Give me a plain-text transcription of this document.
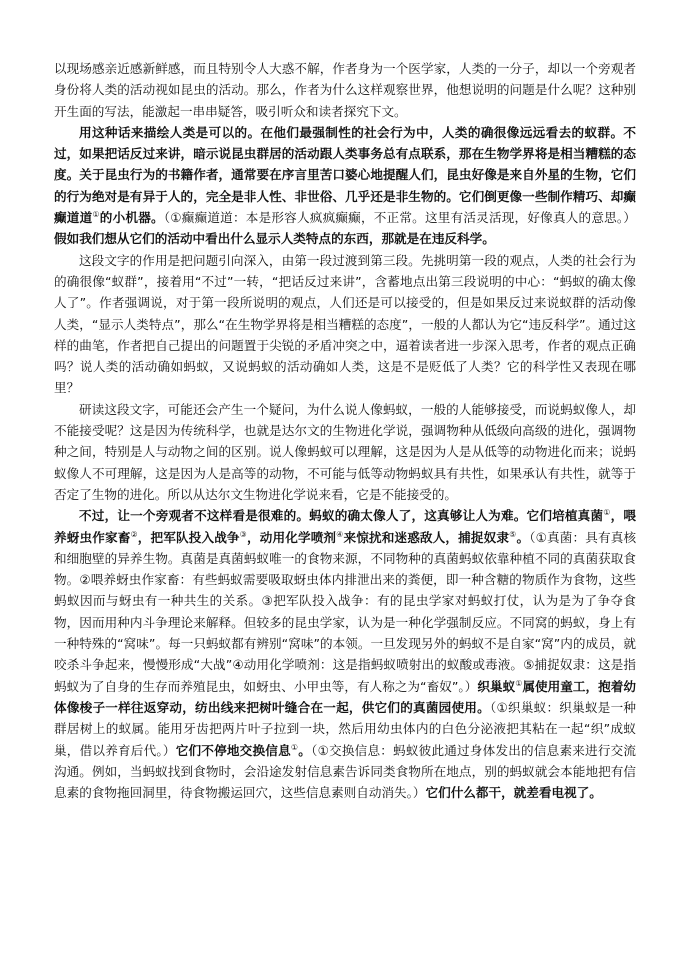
以现场感亲近感新鲜感，而且特别令人大惑不解，作者身为一个医学家，人类的一分子，却以一个旁观者身份将人类的活动视如昆虫的活动。那么，作者为什么这样观察世界，他想说明的问题是什么呢？这种别开生面的写法，能激起一串串疑答，吸引听众和读者探究下文。

用这种话来描绘人类是可以的。在他们最强制性的社会行为中，人类的确很像远远看去的蚁群。不过，如果把话反过来讲，暗示说昆虫群居的活动跟人类事务总有点联系，那在生物学界将是相当糟糕的态度。关于昆虫行为的书籍作者，通常要在序言里苦口婆心地提醒人们，昆虫好像是来自外星的生物，它们的行为绝对是有异于人的，完全是非人性、非世俗、几乎还是非生物的。它们倒更像一些制作精巧、却癫癫道道①的小机器。（①癫癫道道：本是形容人疯疯癫癫，不正常。这里有活灵活现，好像真人的意思。）假如我们想从它们的活动中看出什么显示人类特点的东西，那就是在违反科学。

这段文字的作用是把问题引向深入，由第一段过渡到第三段。先挑明第一段的观点，人类的社会行为的确很像“蚁群”，接着用“不过”一转，“把话反过来讲”，含蓄地点出第三段说明的中心：“蚂蚁的确太像人了”。作者强调说，对于第一段所说明的观点，人们还是可以接受的，但是如果反过来说蚁群的活动像人类，“显示人类特点”，那么“在生物学界将是相当糟糕的态度”，一般的人都认为它“违反科学”。通过这样的曲笔，作者把自己提出的问题置于尖锐的矛盾冲突之中，逼着读者进一步深入思考，作者的观点正确吗？说人类的活动确如蚂蚁，又说蚂蚁的活动确如人类，这是不是贬低了人类？它的科学性又表现在哪里？

研读这段文字，可能还会产生一个疑问，为什么说人像蚂蚁，一般的人能够接受，而说蚂蚁像人，却不能接受呢？这是因为传统科学，也就是达尔文的生物进化学说，强调物种从低级向高级的进化，强调物种之间，特别是人与动物之间的区别。说人像蚂蚁可以理解，这是因为人是从低等的动物进化而来；说蚂蚁像人不可理解，这是因为人是高等的动物，不可能与低等动物蚂蚁具有共性，如果承认有共性，就等于否定了生物的进化。所以从达尔文生物进化学说来看，它是不能接受的。

不过，让一个旁观者不这样看是很难的。蚂蚁的确太像人了，这真够让人为难。它们培植真菌①，喂养蚜虫作家畜②，把军队投入战争③，动用化学喷剂④来惊扰和迷惑敌人，捕捉奴隶⑤。（①真菌：具有真核和细胞壁的异养生物。真菌是真菌蚂蚁唯一的食物来源，不同物种的真菌蚂蚁依靠种植不同的真菌获取食物。②喂养蚜虫作家畜：有些蚂蚁需要吸取蚜虫体内排泄出来的粪便，即一种含糖的物质作为食物，这些蚂蚁因而与蚜虫有一种共生的关系。③把军队投入战争：有的昆虫学家对蚂蚁打仗，认为是为了争夺食物，因而用种内斗争理论来解释。但较多的昆虫学家，认为是一种化学强制反应。不同窝的蚂蚁，身上有一种特殊的“窝味”。每一只蚂蚁都有辨别“窝味”的本领。一旦发现另外的蚂蚁不是自家“窝”内的成员，就咬杀斗争起来，慢慢形成“大战”④动用化学喷剂：这是指蚂蚁喷射出的蚁酸或毒液。⑤捕捉奴隶：这是指蚂蚁为了自身的生存而养殖昆虫，如蚜虫、小甲虫等，有人称之为“畜奴”。）织巢蚁①属使用童工，抱着幼体像梭子一样往返穿动，纺出线来把树叶缝合在一起，供它们的真菌园使用。（①织巢蚁：织巢蚁是一种群居树上的蚁属。能用牙齿把两片叶子拉到一块，然后用幼虫体内的白色分泌液把其粘在一起“织”成蚁巢，借以养育后代。）它们不停地交换信息①。（①交换信息：蚂蚁彼此通过身体发出的信息素来进行交流沟通。例如，当蚂蚁找到食物时，会沿途发射信息素告诉同类食物所在地点，别的蚂蚁就会本能地把有信息素的食物拖回洞里，待食物搬运回穴，这些信息素则自动消失。）它们什么都干，就差看电视了。
